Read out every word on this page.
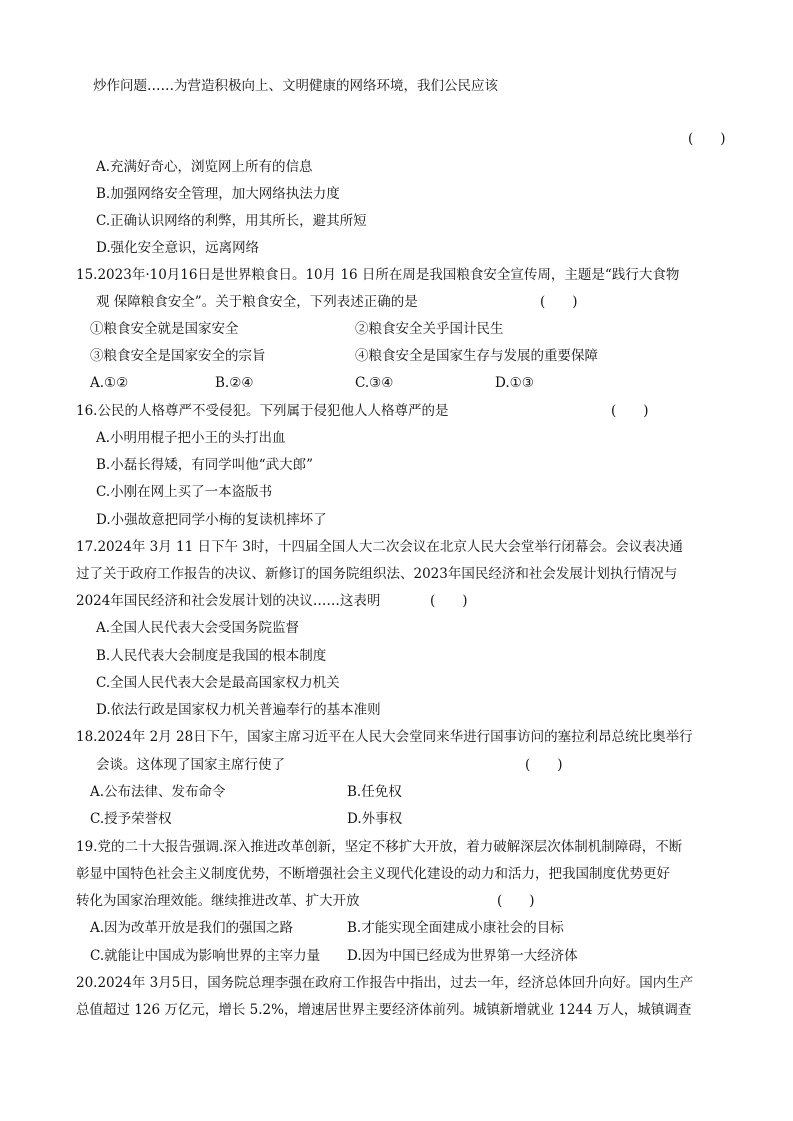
炒作问题……为营造积极向上、文明健康的网络环境，我们公民应该
(　　)
A.充满好奇心，浏览网上所有的信息
B.加强网络安全管理，加大网络执法力度
C.正确认识网络的利弊，用其所长，避其所短
D.强化安全意识，远离网络
15.2023年·10月16日是世界粮食日。10月 16 日所在周是我国粮食安全宣传周，主题是“践行大食物
观 保障粮食安全”。关于粮食安全，下列表述正确的是	(　　)
①粮食安全就是国家安全	②粮食安全关乎国计民生
③粮食安全是国家安全的宗旨	④粮食安全是国家生存与发展的重要保障
A.①②	B.②④	C.③④	D.①③
16.公民的人格尊严不受侵犯。下列属于侵犯他人人格尊严的是	(　　)
A.小明用棍子把小王的头打出血
B.小磊长得矮，有同学叫他“武大郎”
C.小刚在网上买了一本盗版书
D.小强故意把同学小梅的复读机摔坏了
17.2024年 3月 11 日下午 3时，十四届全国人大二次会议在北京人民大会堂举行闭幕会。会议表决通
过了关于政府工作报告的决议、新修订的国务院组织法、2023年国民经济和社会发展计划执行情况与
2024年国民经济和社会发展计划的决议……这表明	(　　)
A.全国人民代表大会受国务院监督
B.人民代表大会制度是我国的根本制度
C.全国人民代表大会是最高国家权力机关
D.依法行政是国家权力机关普遍奉行的基本准则
18.2024年 2月 28日下午，国家主席习近平在人民大会堂同来华进行国事访问的塞拉利昂总统比奥举行
会谈。这体现了国家主席行使了	(　　)
A.公布法律、发布命令	B.任免权
C.授予荣誉权	D.外事权
19.党的二十大报告强调.深入推进改革创新，坚定不移扩大开放，着力破解深层次体制机制障碍，不断
彰显中国特色社会主义制度优势，不断增强社会主义现代化建设的动力和活力，把我国制度优势更好
转化为国家治理效能。继续推进改革、扩大开放	(　　)
A.因为改革开放是我们的强国之路	B.才能实现全面建成小康社会的目标
C.就能让中国成为影响世界的主宰力量 D.因为中国已经成为世界第一大经济体
20.2024年 3月5日，国务院总理李强在政府工作报告中指出，过去一年，经济总体回升向好。国内生产
总值超过 126 万亿元，增长 5.2%，增速居世界主要经济体前列。城镇新增就业 1244 万人，城镇调查
